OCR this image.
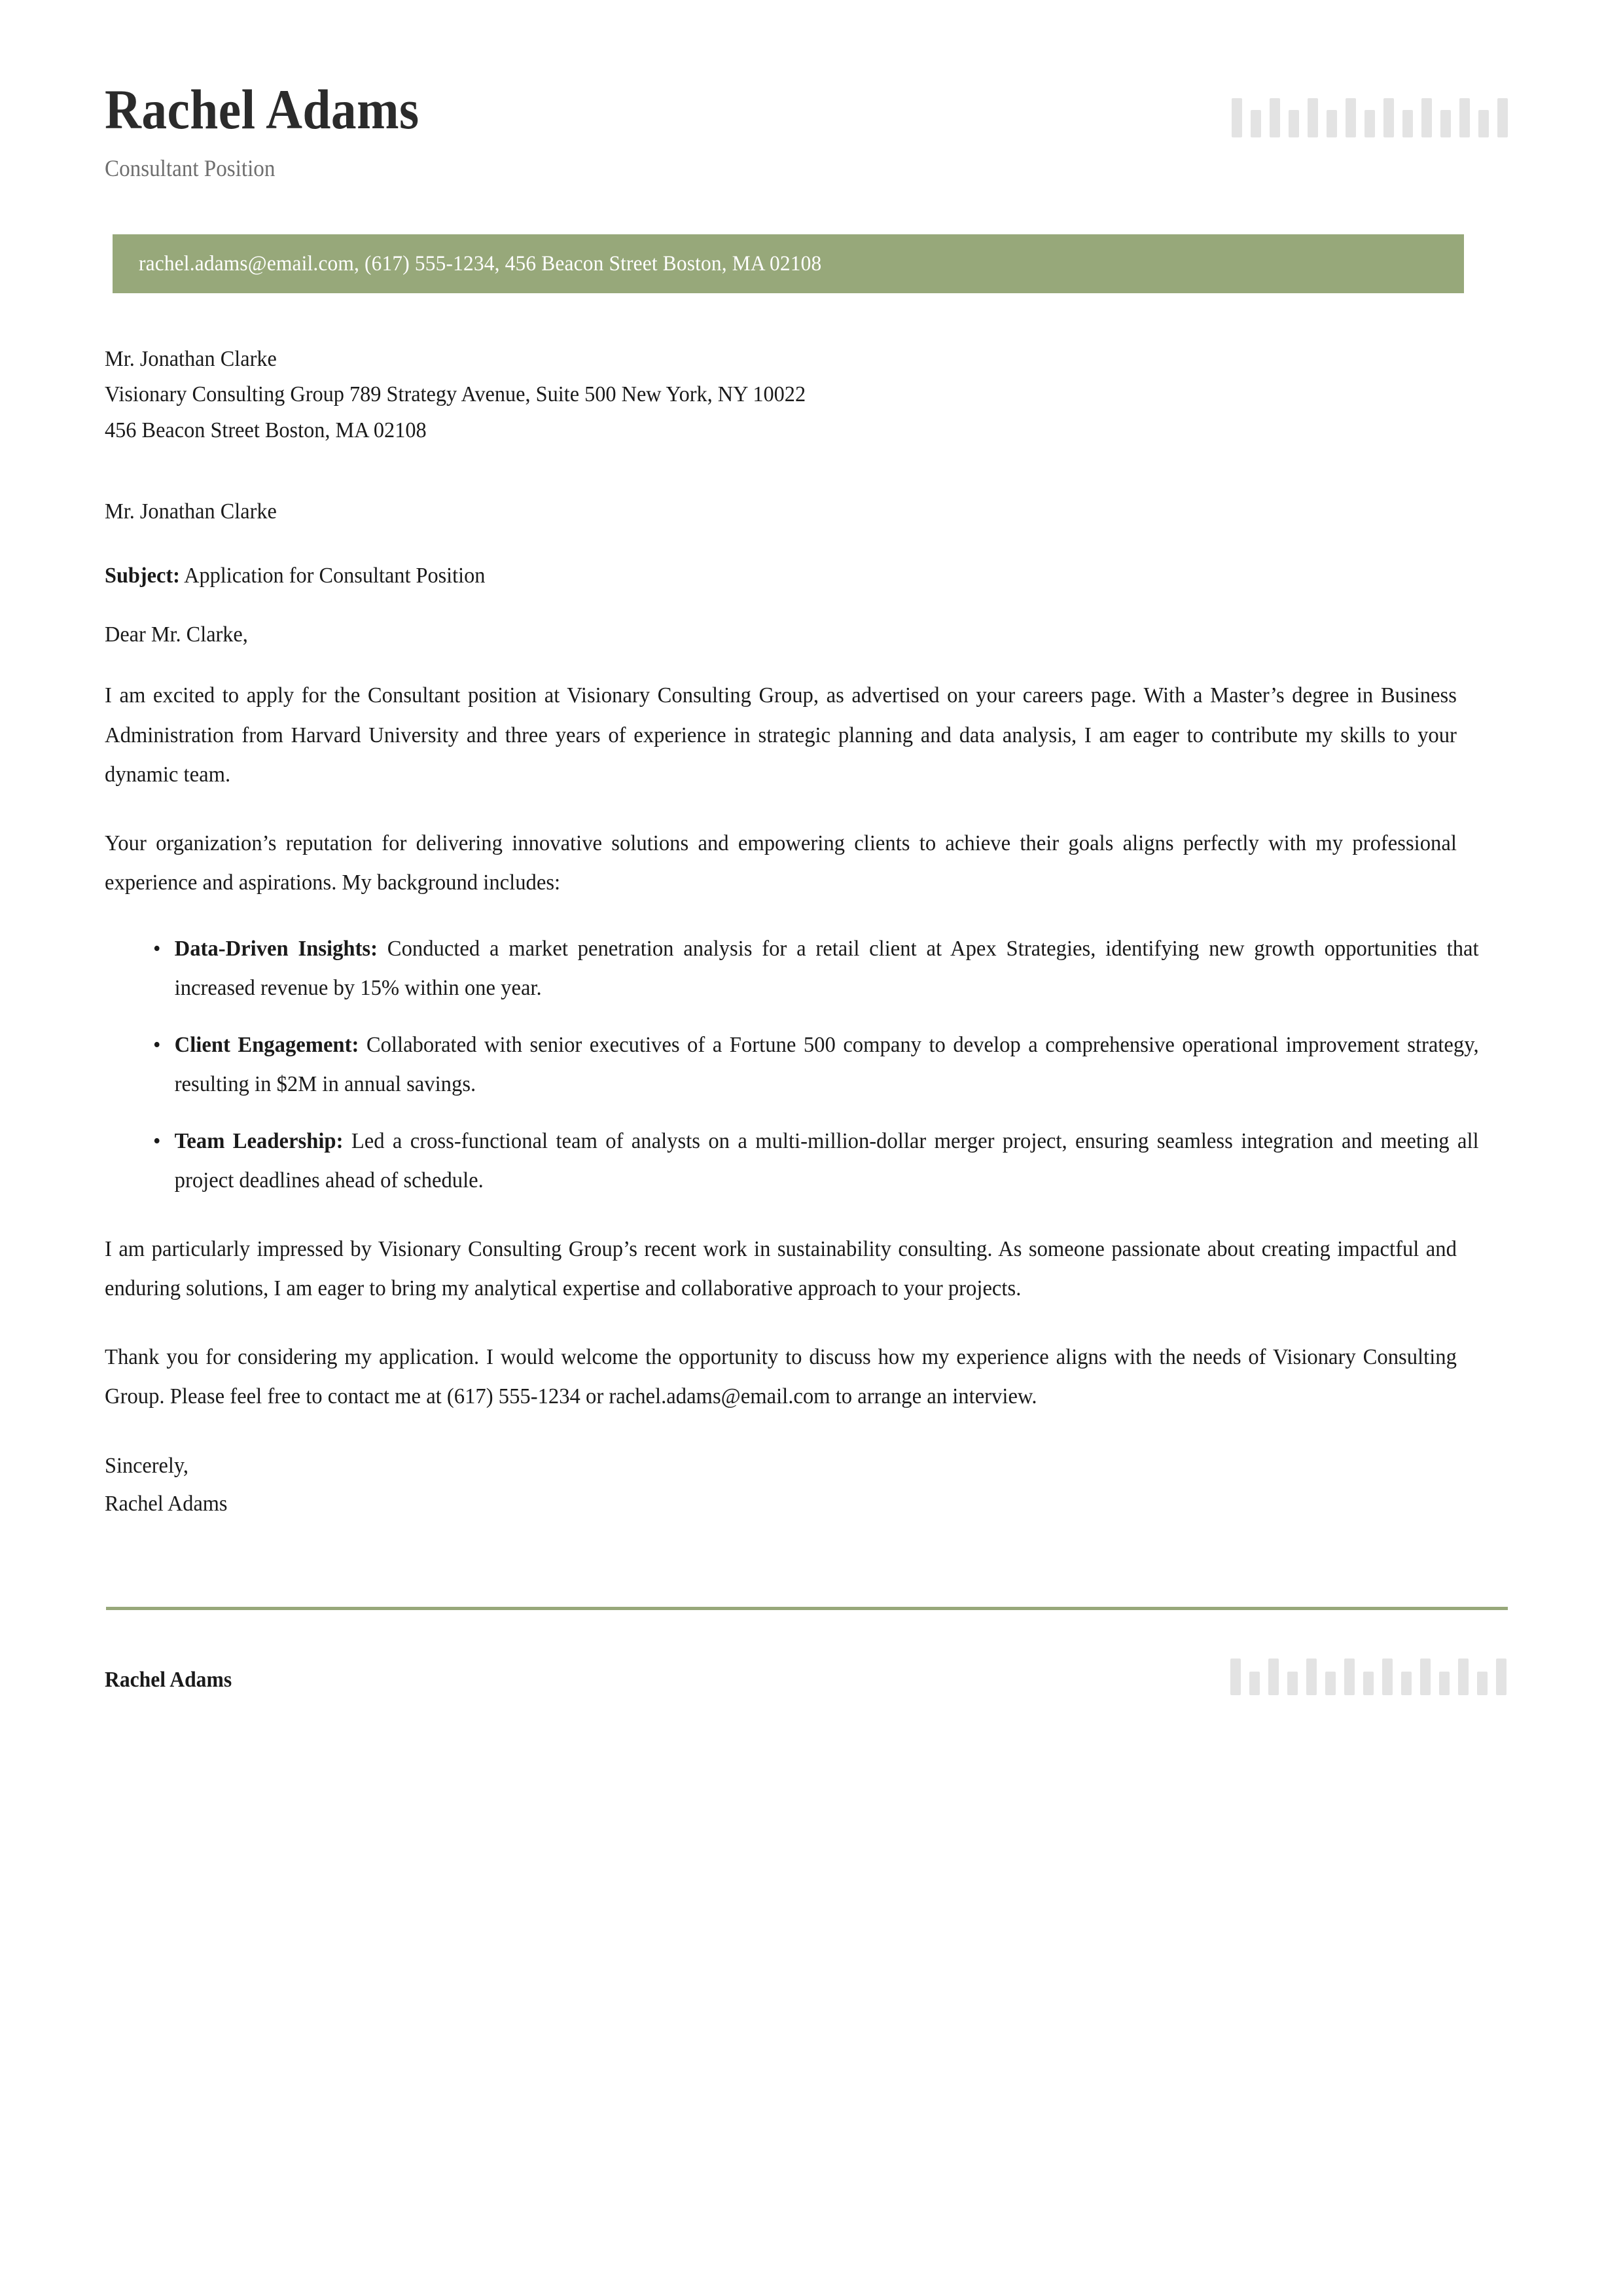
Rachel Adams
Consultant Position
rachel.adams@email.com, (617) 555-1234, 456 Beacon Street Boston, MA 02108
Mr. Jonathan Clarke
Visionary Consulting Group 789 Strategy Avenue, Suite 500 New York, NY 10022
456 Beacon Street Boston, MA 02108
Mr. Jonathan Clarke
Subject: Application for Consultant Position
Dear Mr. Clarke,
I am excited to apply for the Consultant position at Visionary Consulting Group, as advertised on your careers page. With a Master’s degree in Business Administration from Harvard University and three years of experience in strategic planning and data analysis, I am eager to contribute my skills to your dynamic team.
Your organization’s reputation for delivering innovative solutions and empowering clients to achieve their goals aligns perfectly with my professional experience and aspirations. My background includes:
• Data-Driven Insights: Conducted a market penetration analysis for a retail client at Apex Strategies, identifying new growth opportunities that increased revenue by 15% within one year.
• Client Engagement: Collaborated with senior executives of a Fortune 500 company to develop a comprehensive operational improvement strategy, resulting in $2M in annual savings.
• Team Leadership: Led a cross-functional team of analysts on a multi-million-dollar merger project, ensuring seamless integration and meeting all project deadlines ahead of schedule.
I am particularly impressed by Visionary Consulting Group’s recent work in sustainability consulting. As someone passionate about creating impactful and enduring solutions, I am eager to bring my analytical expertise and collaborative approach to your projects.
Thank you for considering my application. I would welcome the opportunity to discuss how my experience aligns with the needs of Visionary Consulting Group. Please feel free to contact me at (617) 555-1234 or rachel.adams@email.com to arrange an interview.
Sincerely,
Rachel Adams
Rachel Adams
